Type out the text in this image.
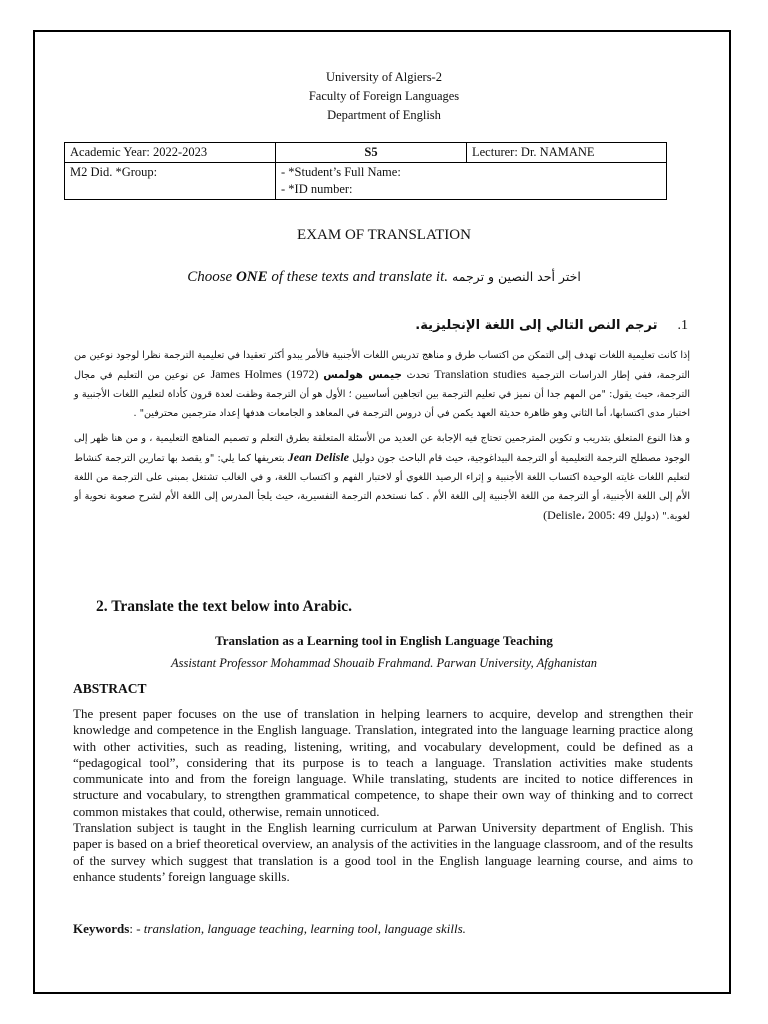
University of Algiers-2
Faculty of Foreign Languages
Department of English
Academic Year: 2022-2023	S5	Lecturer: Dr. NAMANE
M2 Did. *Group:	- *Student’s Full Name:
- *ID number:	
EXAM OF TRANSLATION
Choose ONE of these texts and translate it. اختر أحد النصين و ترجمه
1.ترجم النص التالي إلى اللغة الإنجليزية.

إذا كانت تعليمية اللغات تهدف إلى التمكن من اكتساب طرق و مناهج تدريس اللغات الأجنبية فالأمر يبدو أكثر تعقيدا في تعليمية الترجمة نظرا لوجود نوعين من الترجمة، ففي إطار الدراسات الترجمية Translation studies تحدث جيمس هولمس James Holmes (1972) عن نوعين من التعليم في مجال الترجمة، حيث يقول: "من المهم جدا أن نميز في تعليم الترجمة بين اتجاهين أساسيين ؛ الأول هو أن الترجمة وظفت لعدة قرون كأداة لتعليم اللغات الأجنبية و اختبار مدى اكتسابها، أما الثاني وهو ظاهرة حديثة العهد يكمن في أن دروس الترجمة في المعاهد و الجامعات هدفها إعداد مترجمين محترفين" .

و هذا النوع المتعلق بتدريب و تكوين المترجمين تحتاج فيه الإجابة عن العديد من الأسئلة المتعلقة بطرق التعلم و تصميم المناهج التعليمية ، و من هنا ظهر إلى الوجود مصطلح الترجمة التعليمية أو الترجمة البيداغوجية، حيث قام الباحث جون دوليل Jean Delisle بتعريفها كما يلي: "و يقصد بها تمارين الترجمة كنشاط لتعليم اللغات غايته الوحيدة اكتساب اللغة الأجنبية و إثراء الرصيد اللغوي أو لاختبار الفهم و اكتساب اللغة، و في الغالب تشتغل بمبنى على الترجمة من اللغة الأم إلى اللغة الأجنبية، أو الترجمة من اللغة الأجنبية إلى اللغة الأم . كما نستخدم الترجمة التفسيرية، حيث يلجأ المدرس إلى اللغة الأم لشرح صعوبة نحوية أو لغوية." (دوليل Delisle، 2005: 49)

2. Translate the text below into Arabic.
Translation as a Learning tool in English Language Teaching
Assistant Professor Mohammad Shouaib Frahmand. Parwan University, Afghanistan
ABSTRACT

The present paper focuses on the use of translation in helping learners to acquire, develop and strengthen their knowledge and competence in the English language. Translation, integrated into the language learning practice along with other activities, such as reading, listening, writing, and vocabulary development, could be defined as a “pedagogical tool”, considering that its purpose is to teach a language. Translation activities make students communicate into and from the foreign language. While translating, students are incited to notice differences in structure and vocabulary, to strengthen grammatical competence, to shape their own way of thinking and to correct common mistakes that could, otherwise, remain unnoticed.

Translation subject is taught in the English learning curriculum at Parwan University department of English. This paper is based on a brief theoretical overview, an analysis of the activities in the language classroom, and of the results of the survey which suggest that translation is a good tool in the English language learning course, and aims to enhance students’ foreign language skills.

Keywords: - translation, language teaching, learning tool, language skills.
